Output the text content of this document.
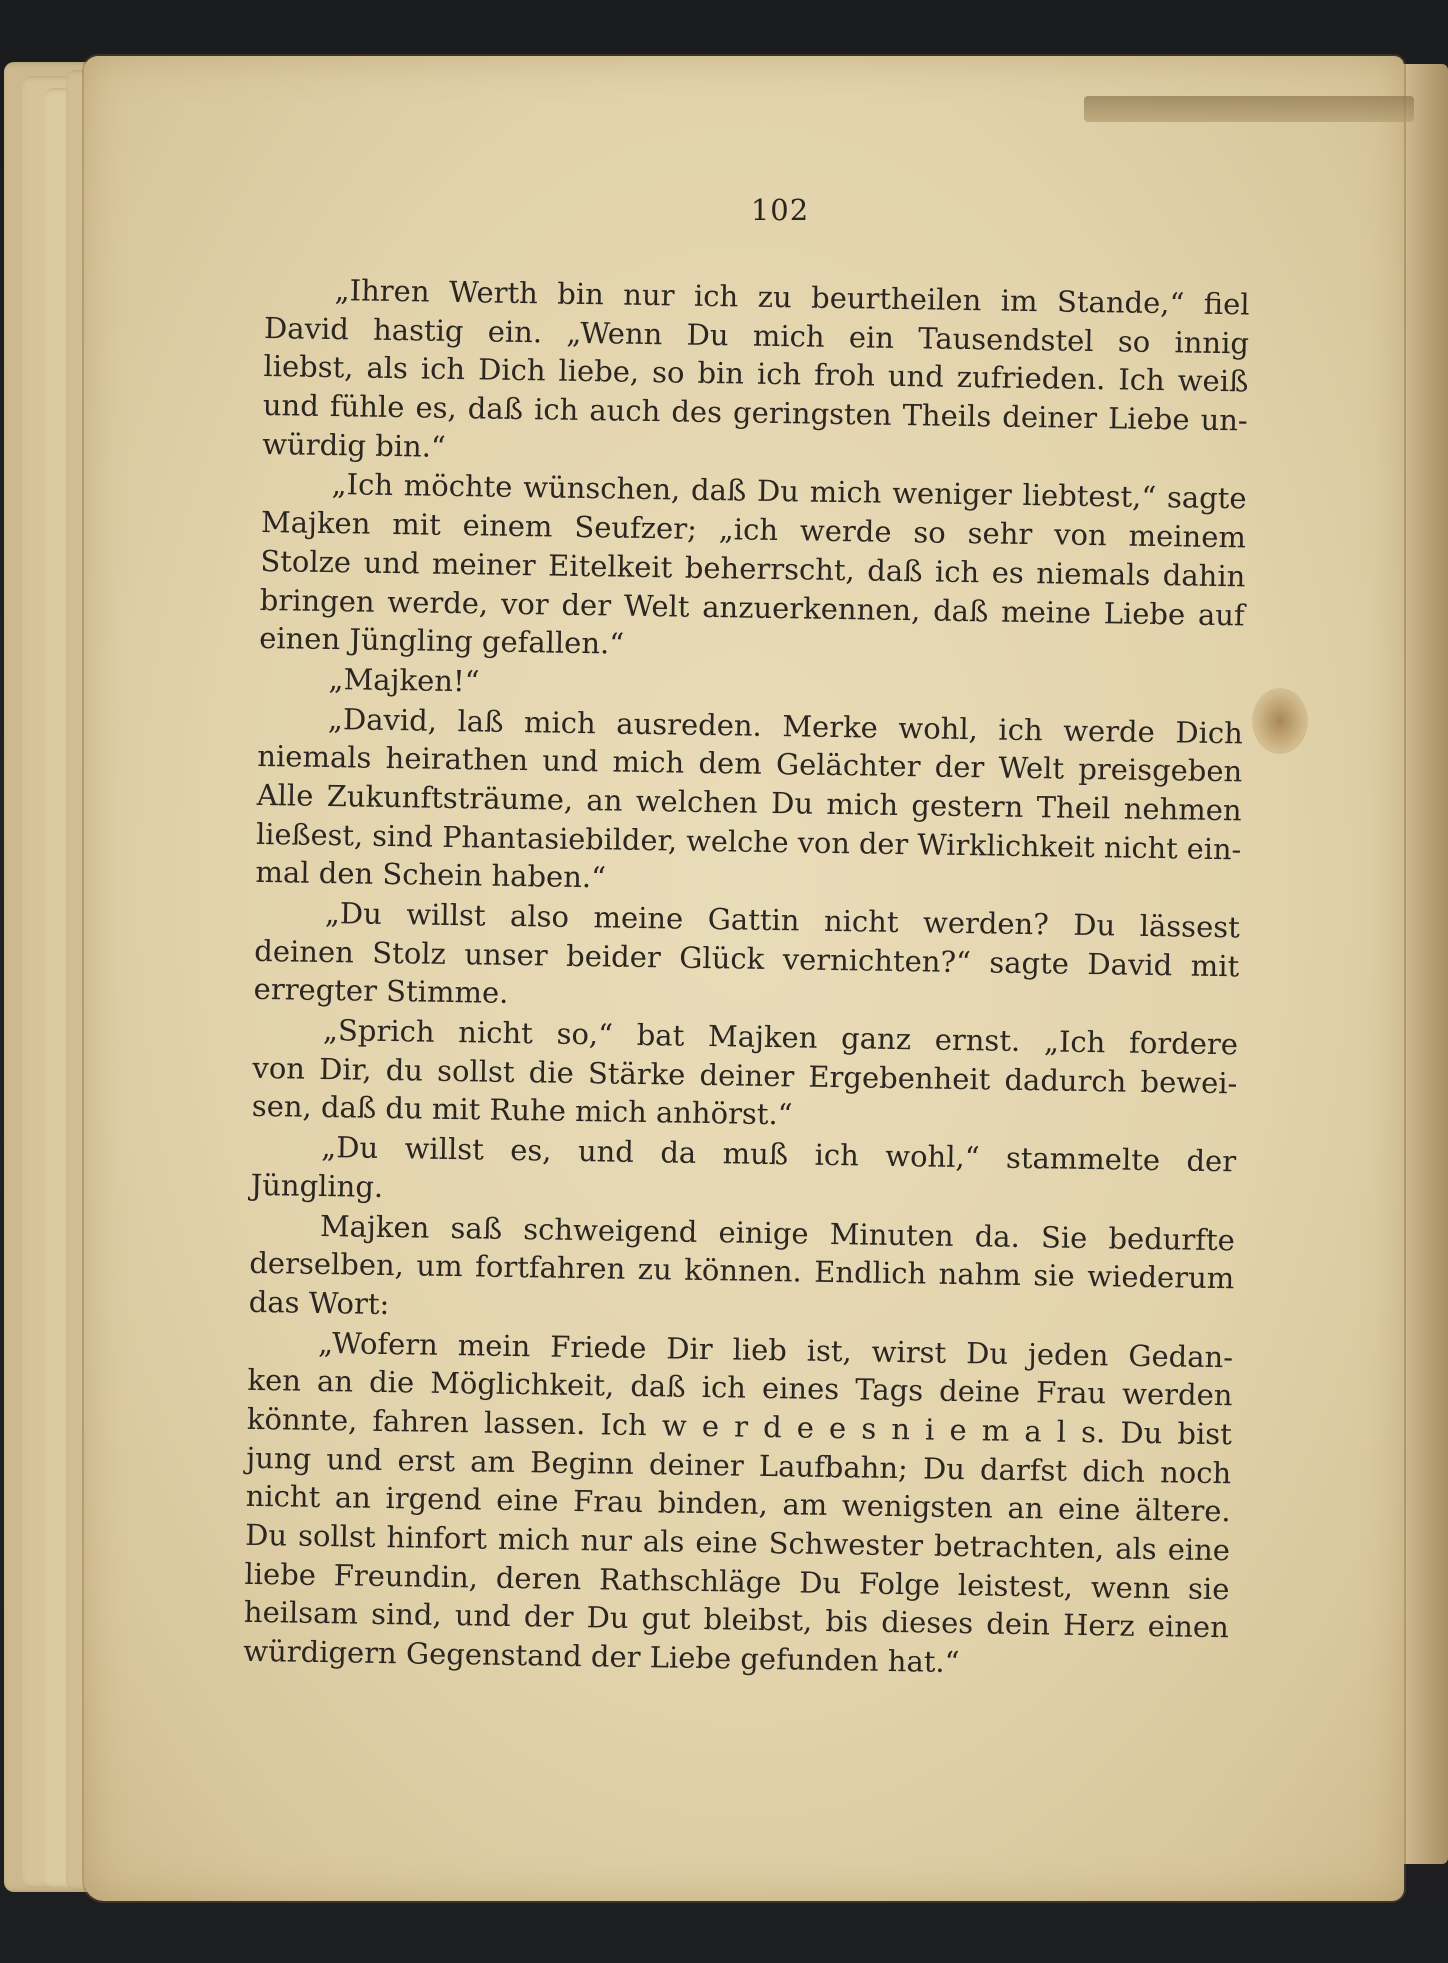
102
„Ihren Werth bin nur ich zu beurtheilen im Stande,“ fiel
David hastig ein. „Wenn Du mich ein Tausendstel so innig
liebst, als ich Dich liebe, so bin ich froh und zufrieden. Ich weiß
und fühle es, daß ich auch des geringsten Theils deiner Liebe un-
würdig bin.“
„Ich möchte wünschen, daß Du mich weniger liebtest,“ sagte
Majken mit einem Seufzer; „ich werde so sehr von meinem
Stolze und meiner Eitelkeit beherrscht, daß ich es niemals dahin
bringen werde, vor der Welt anzuerkennen, daß meine Liebe auf
einen Jüngling gefallen.“
„Majken!“
„David, laß mich ausreden. Merke wohl, ich werde Dich
niemals heirathen und mich dem Gelächter der Welt preisgeben
Alle Zukunftsträume, an welchen Du mich gestern Theil nehmen
ließest, sind Phantasiebilder, welche von der Wirklichkeit nicht ein-
mal den Schein haben.“
„Du willst also meine Gattin nicht werden? Du lässest
deinen Stolz unser beider Glück vernichten?“ sagte David mit
erregter Stimme.
„Sprich nicht so,“ bat Majken ganz ernst. „Ich fordere
von Dir, du sollst die Stärke deiner Ergebenheit dadurch bewei-
sen, daß du mit Ruhe mich anhörst.“
„Du willst es, und da muß ich wohl,“ stammelte der
Jüngling.
Majken saß schweigend einige Minuten da. Sie bedurfte
derselben, um fortfahren zu können. Endlich nahm sie wiederum
das Wort:
„Wofern mein Friede Dir lieb ist, wirst Du jeden Gedan-
ken an die Möglichkeit, daß ich eines Tags deine Frau werden
könnte, fahren lassen. Ich w e r d e e s n i e m a l s. Du bist
jung und erst am Beginn deiner Laufbahn; Du darfst dich noch
nicht an irgend eine Frau binden, am wenigsten an eine ältere.
Du sollst hinfort mich nur als eine Schwester betrachten, als eine
liebe Freundin, deren Rathschläge Du Folge leistest, wenn sie
heilsam sind, und der Du gut bleibst, bis dieses dein Herz einen
würdigern Gegenstand der Liebe gefunden hat.“
